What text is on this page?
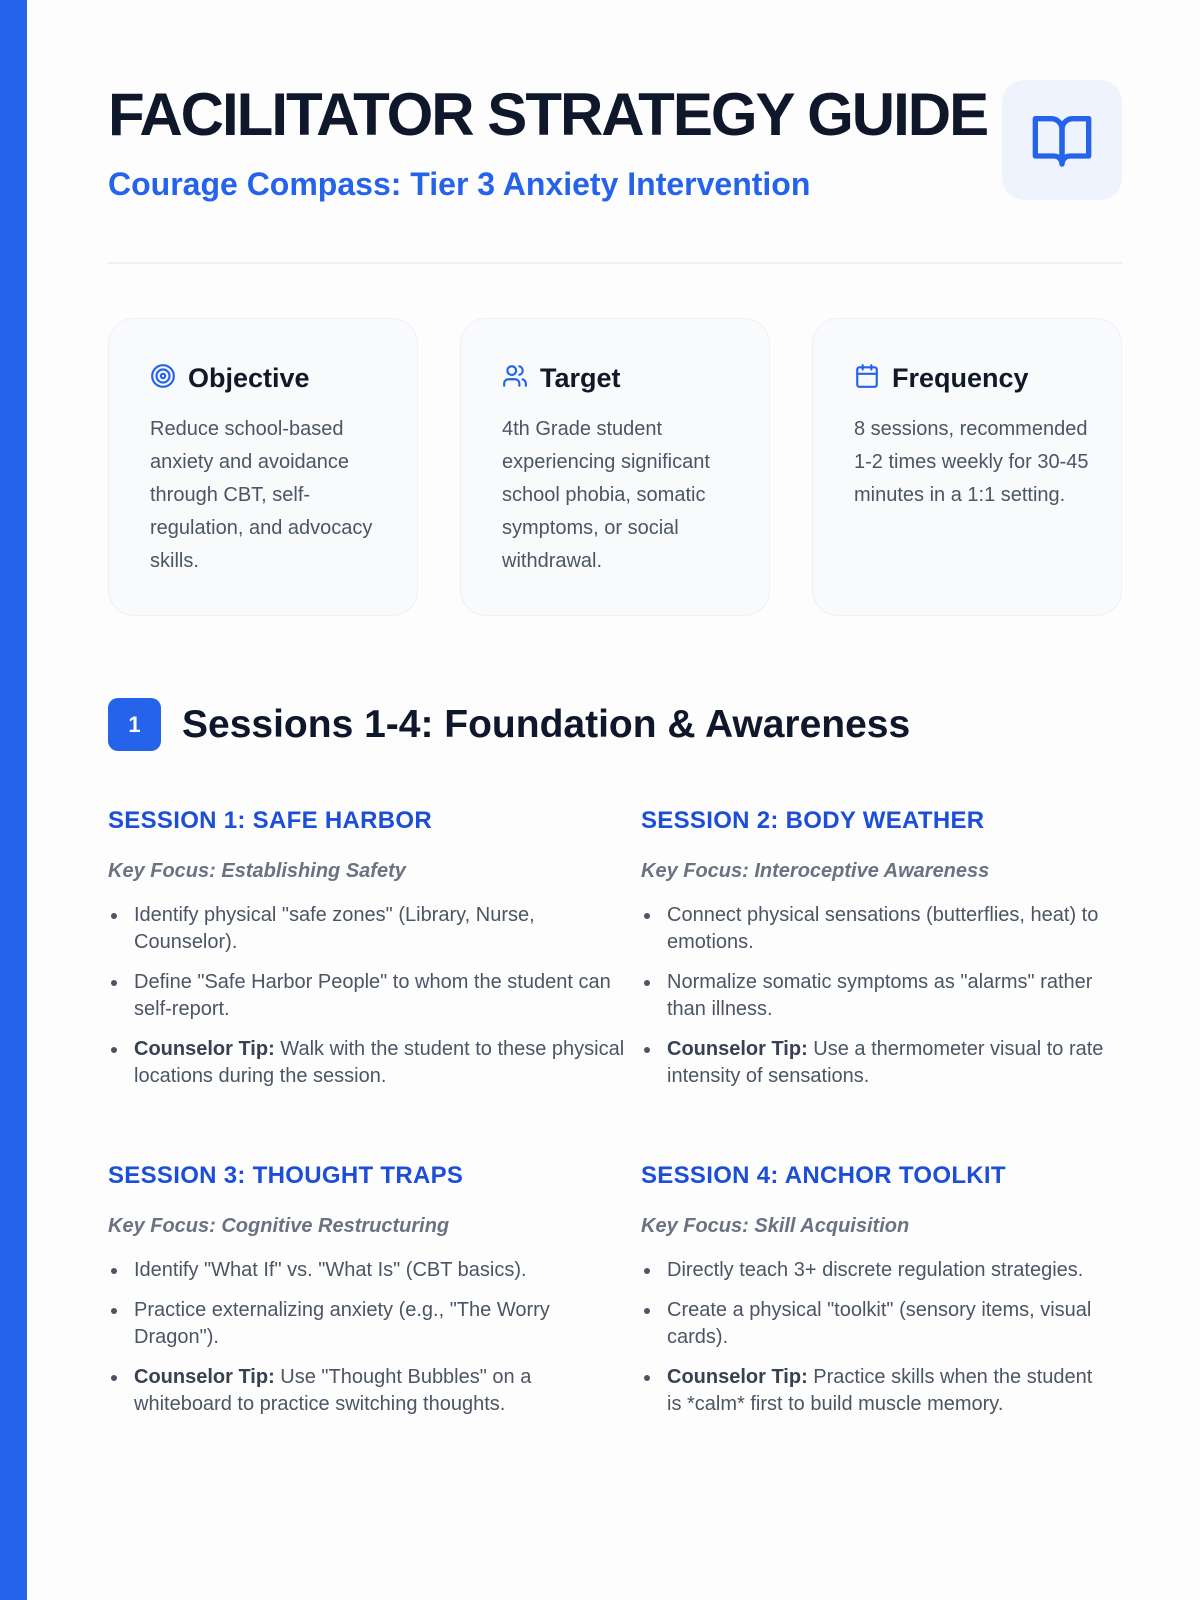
FACILITATOR STRATEGY GUIDE
Courage Compass: Tier 3 Anxiety Intervention
Objective
Reduce school-based anxiety and avoidance through CBT, self-regulation, and advocacy skills.
Target
4th Grade student experiencing significant school phobia, somatic symptoms, or social withdrawal.
Frequency
8 sessions, recommended 1-2 times weekly for 30-45 minutes in a 1:1 setting.
1	Sessions 1-4: Foundation & Awareness
SESSION 1: SAFE HARBOR
Key Focus: Establishing Safety
Identify physical "safe zones" (Library, Nurse, Counselor).
Define "Safe Harbor People" to whom the student can self-report.
Counselor Tip: Walk with the student to these physical locations during the session.
SESSION 2: BODY WEATHER
Key Focus: Interoceptive Awareness
Connect physical sensations (butterflies, heat) to emotions.
Normalize somatic symptoms as "alarms" rather than illness.
Counselor Tip: Use a thermometer visual to rate intensity of sensations.
SESSION 3: THOUGHT TRAPS
Key Focus: Cognitive Restructuring
Identify "What If" vs. "What Is" (CBT basics).
Practice externalizing anxiety (e.g., "The Worry Dragon").
Counselor Tip: Use "Thought Bubbles" on a whiteboard to practice switching thoughts.
SESSION 4: ANCHOR TOOLKIT
Key Focus: Skill Acquisition
Directly teach 3+ discrete regulation strategies.
Create a physical "toolkit" (sensory items, visual cards).
Counselor Tip: Practice skills when the student is *calm* first to build muscle memory.
